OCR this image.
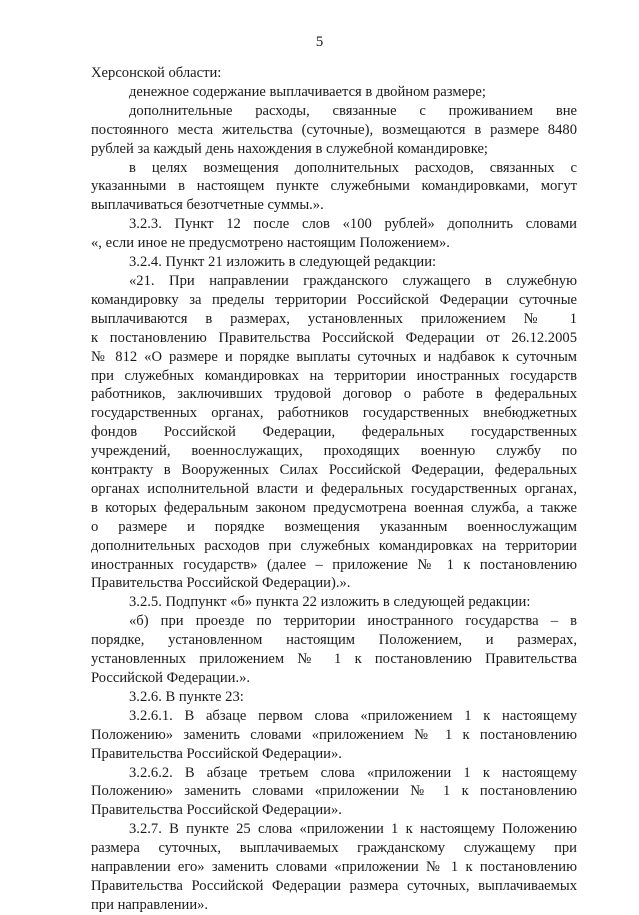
5
Херсонской области:
денежное содержание выплачивается в двойном размере;
дополнительные расходы, связанные с проживанием вне
постоянного места жительства (суточные), возмещаются в размере 8480
рублей за каждый день нахождения в служебной командировке;
в целях возмещения дополнительных расходов, связанных с
указанными в настоящем пункте служебными командировками, могут
выплачиваться безотчетные суммы.».
3.2.3. Пункт 12 после слов «100 рублей» дополнить словами
«, если иное не предусмотрено настоящим Положением».
3.2.4. Пункт 21 изложить в следующей редакции:
«21. При направлении гражданского служащего в служебную
командировку за пределы территории Российской Федерации суточные
выплачиваются в размерах, установленных приложением № 1
к постановлению Правительства Российской Федерации от 26.12.2005
№ 812 «О размере и порядке выплаты суточных и надбавок к суточным
при служебных командировках на территории иностранных государств
работников, заключивших трудовой договор о работе в федеральных
государственных органах, работников государственных внебюджетных
фондов Российской Федерации, федеральных государственных
учреждений, военнослужащих, проходящих военную службу по
контракту в Вооруженных Силах Российской Федерации, федеральных
органах исполнительной власти и федеральных государственных органах,
в которых федеральным законом предусмотрена военная служба, а также
о размере и порядке возмещения указанным военнослужащим
дополнительных расходов при служебных командировках на территории
иностранных государств» (далее – приложение № 1 к постановлению
Правительства Российской Федерации).».
3.2.5. Подпункт «б» пункта 22 изложить в следующей редакции:
«б) при проезде по территории иностранного государства – в
порядке, установленном настоящим Положением, и размерах,
установленных приложением № 1 к постановлению Правительства
Российской Федерации.».
3.2.6. В пункте 23:
3.2.6.1. В абзаце первом слова «приложением 1 к настоящему
Положению» заменить словами «приложением № 1 к постановлению
Правительства Российской Федерации».
3.2.6.2. В абзаце третьем слова «приложении 1 к настоящему
Положению» заменить словами «приложении № 1 к постановлению
Правительства Российской Федерации».
3.2.7. В пункте 25 слова «приложении 1 к настоящему Положению
размера суточных, выплачиваемых гражданскому служащему при
направлении его» заменить словами «приложении № 1 к постановлению
Правительства Российской Федерации размера суточных, выплачиваемых
при направлении».
